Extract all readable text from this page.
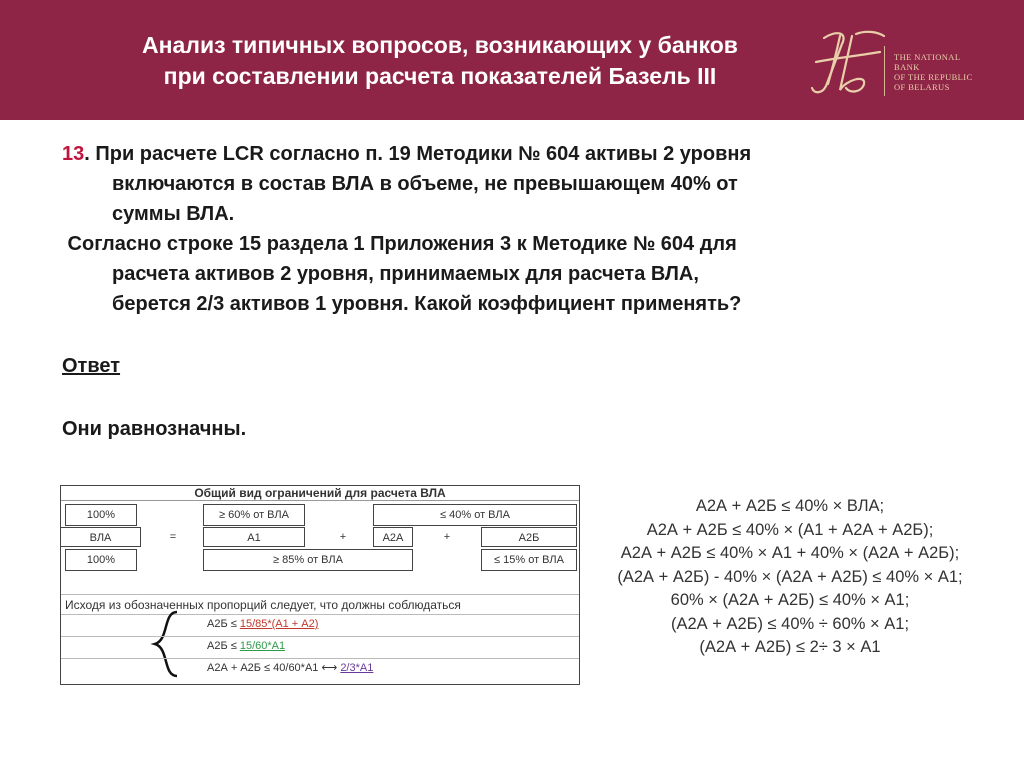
Анализ типичных вопросов, возникающих у банков
при составлении расчета показателей Базель III
THE NATIONAL
BANK
OF THE REPUBLIC
OF BELARUS

13. При расчете LCR согласно п. 19 Методики № 604 активы 2 уровня

включаются в состав ВЛА в объеме, не превышающем 40% от

суммы ВЛА.

Согласно строке 15 раздела 1 Приложения 3 к Методике № 604 для

расчета активов 2 уровня, принимаемых для расчета ВЛА,

берется 2/3 активов 1 уровня. Какой коэффициент применять?

Ответ
Они равнозначны.
Общий вид ограничений для расчета ВЛА
100%	≥ 60% от ВЛА	≤ 40% от ВЛА
ВЛА	=	А1	+	А2А	+	А2Б
100%	≥ 85% от ВЛА	≤ 15% от ВЛА
Исходя из обозначенных пропорций следует, что должны соблюдаться
А2Б ≤ 15/85*(А1 + А2)
А2Б ≤ 15/60*А1
А2А + А2Б ≤ 40/60*А1 ⟷ 2/3*А1
А2А + А2Б ≤ 40% × ВЛА;
А2А + А2Б ≤ 40% × (А1 + А2А + А2Б);
А2А + А2Б ≤ 40% × А1 + 40% × (А2А + А2Б);
(А2А + А2Б) - 40% × (А2А + А2Б) ≤ 40% × А1;
60% × (А2А + А2Б) ≤ 40% × А1;
(А2А + А2Б) ≤ 40% ÷ 60% × А1;
(А2А + А2Б) ≤ 2÷ 3 × А1
